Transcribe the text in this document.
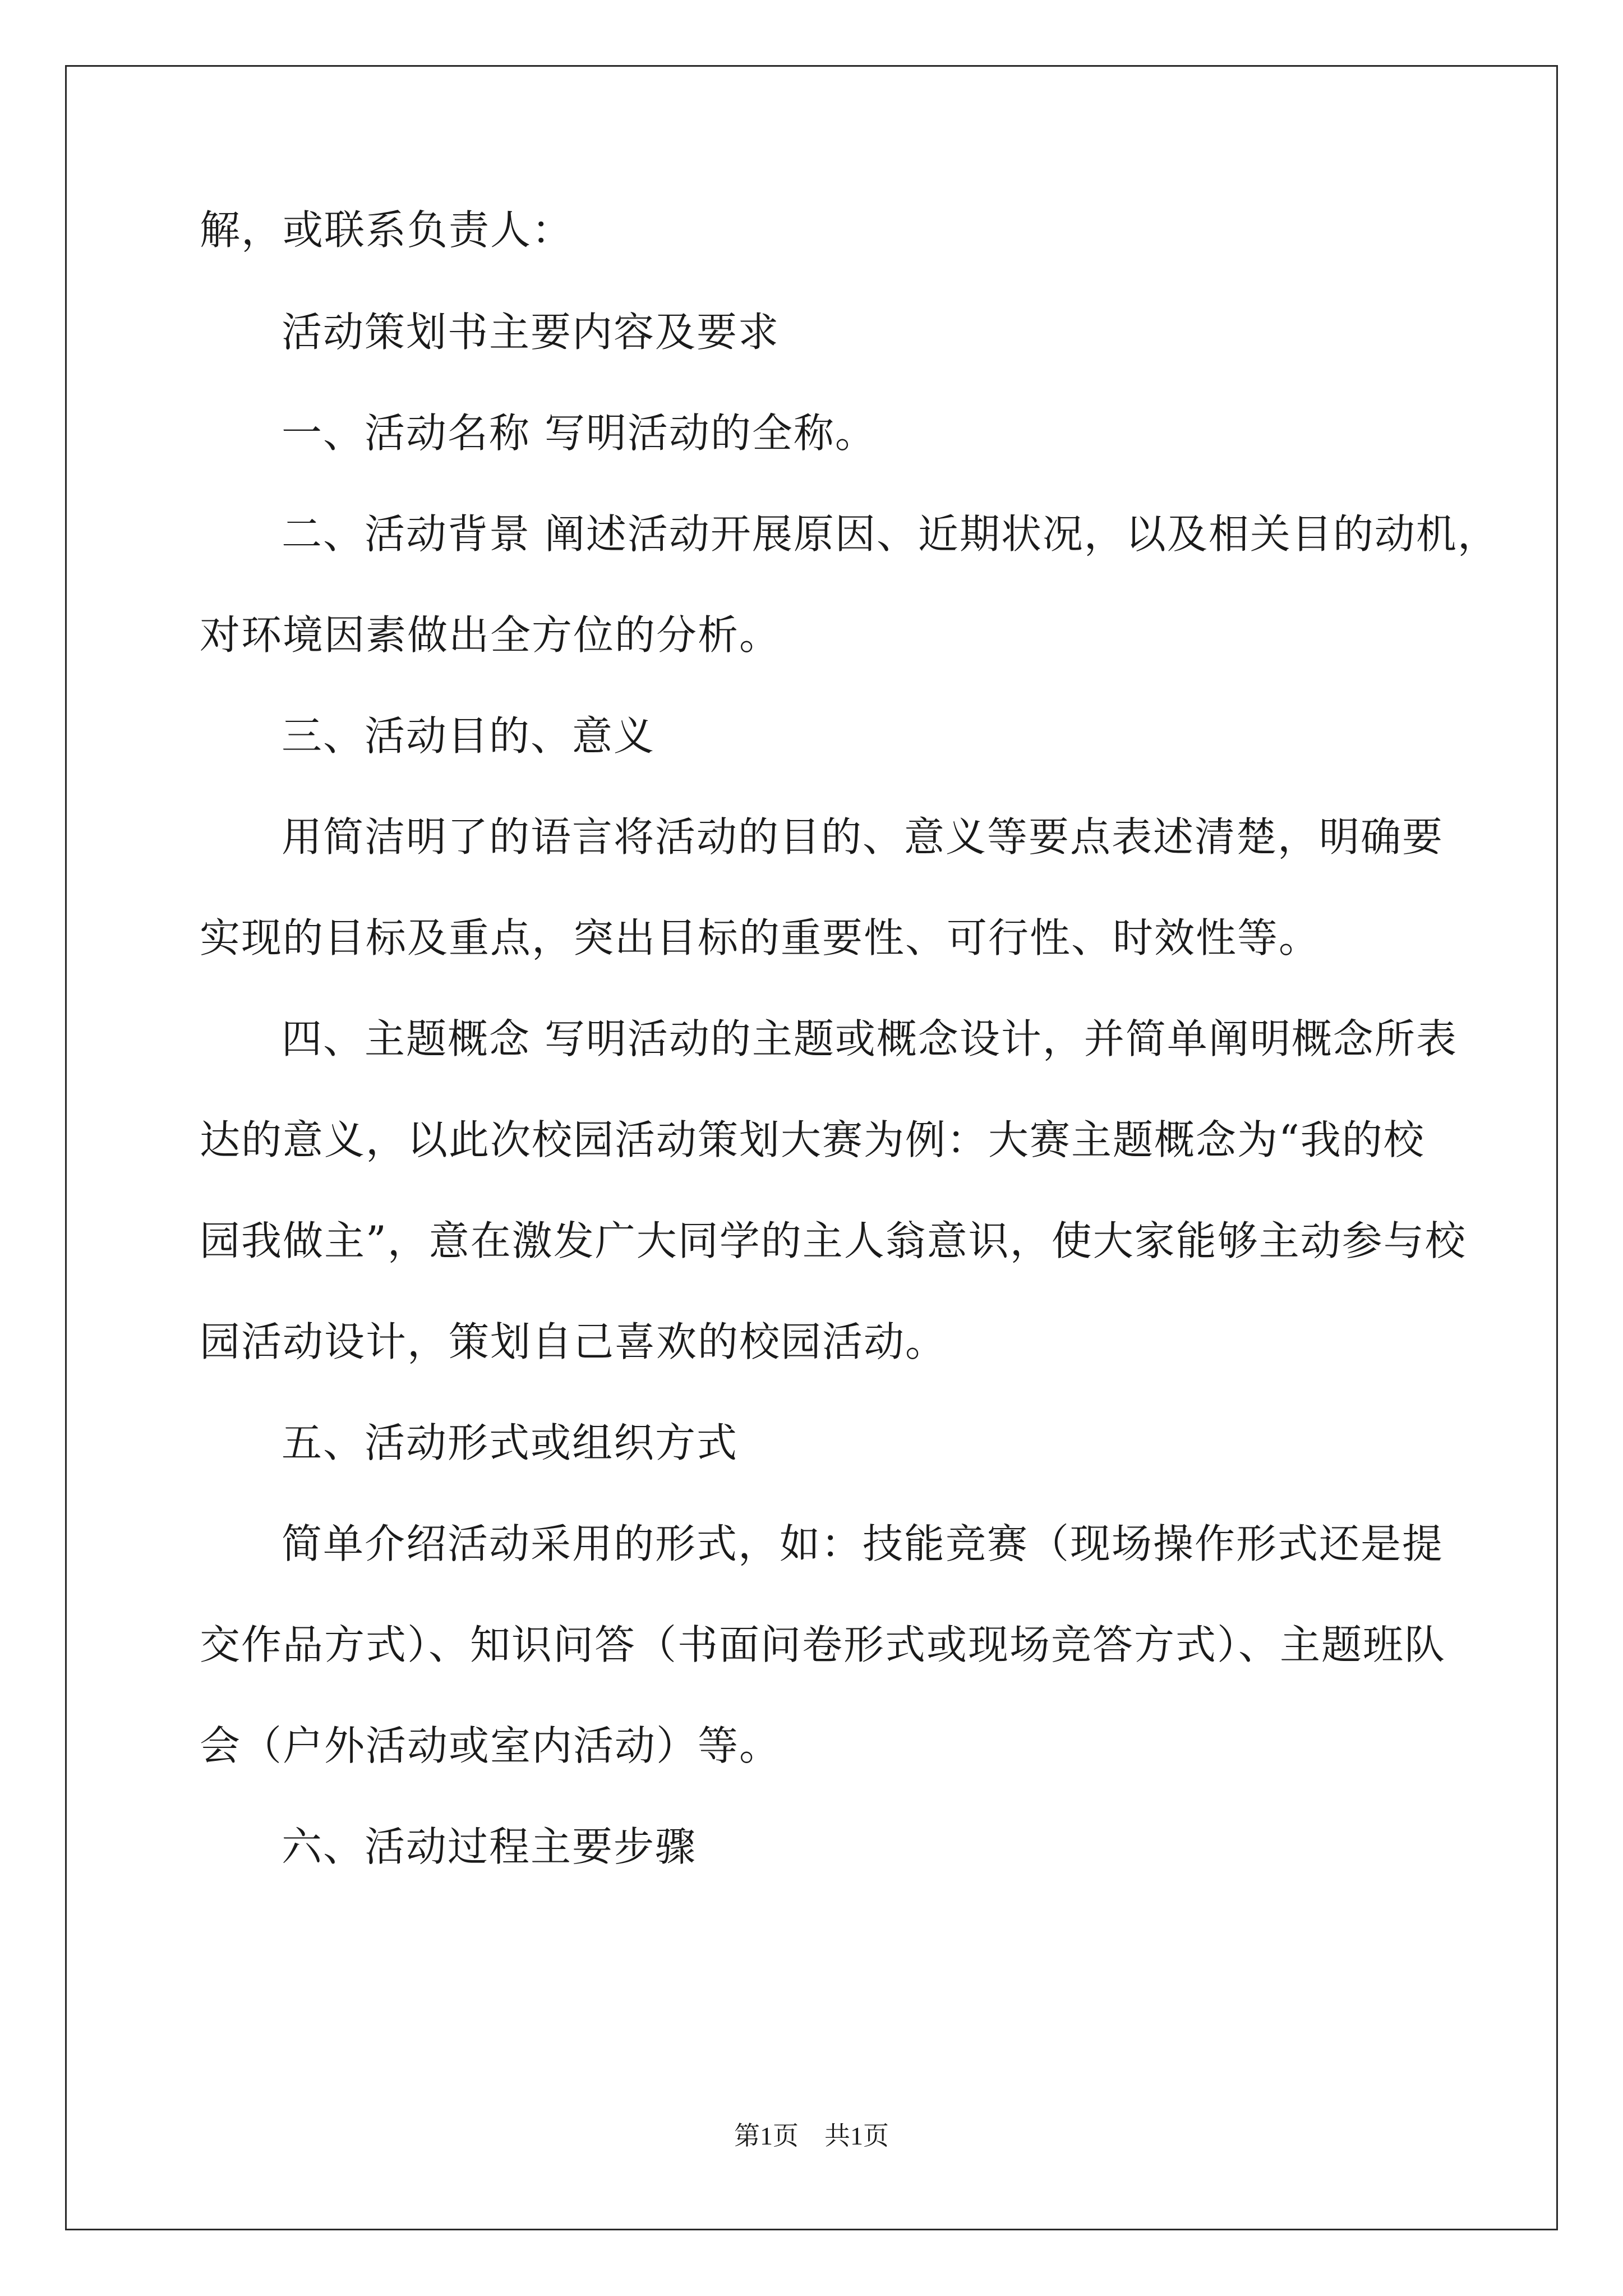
解，或联系负责人：
活动策划书主要内容及要求
一、活动名称 写明活动的全称。
二、活动背景 阐述活动开展原因、近期状况，以及相关目的动机，
对环境因素做出全方位的分析。
三、活动目的、意义
用简洁明了的语言将活动的目的、意义等要点表述清楚，明确要
实现的目标及重点，突出目标的重要性、可行性、时效性等。
四、主题概念 写明活动的主题或概念设计，并简单阐明概念所表
达的意义，以此次校园活动策划大赛为例：大赛主题概念为“我的校
园我做主”，意在激发广大同学的主人翁意识，使大家能够主动参与校
园活动设计，策划自己喜欢的校园活动。
五、活动形式或组织方式
简单介绍活动采用的形式，如：技能竞赛（现场操作形式还是提
交作品方式）、知识问答（书面问卷形式或现场竞答方式）、主题班队
会（户外活动或室内活动）等。
六、活动过程主要步骤
第1页 共1页
